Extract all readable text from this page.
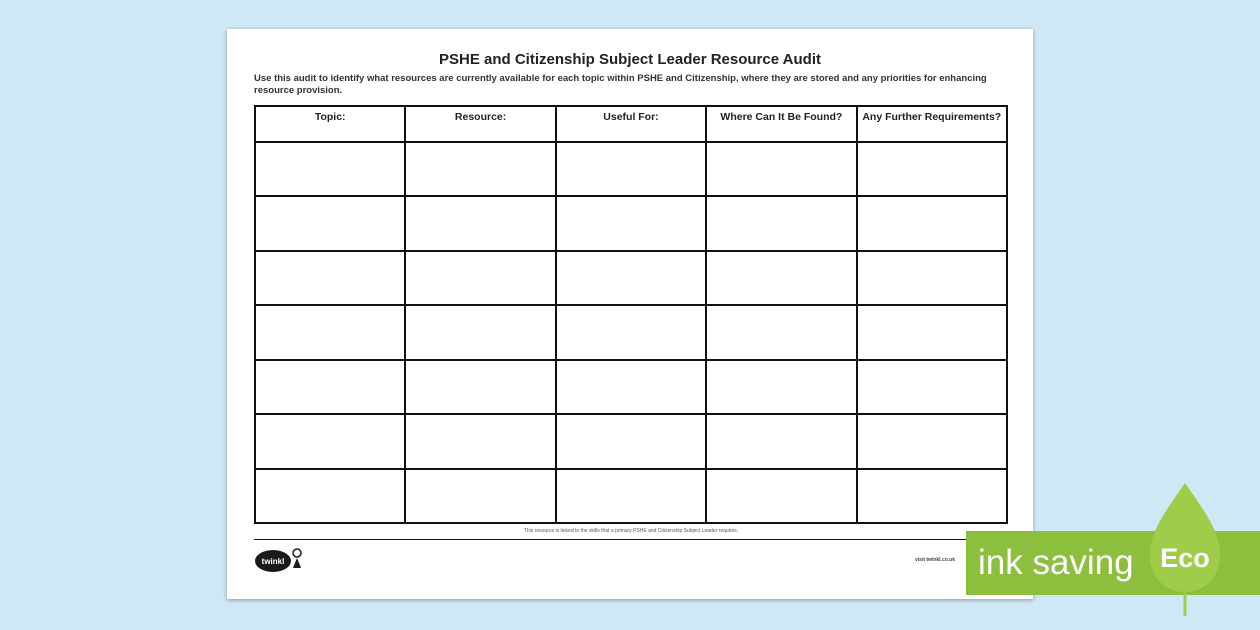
PSHE and Citizenship Subject Leader Resource Audit
Use this audit to identify what resources are currently available for each topic within PSHE and Citizenship, where they are stored and any priorities for enhancing resource provision.
Topic:	Resource:	Useful For:	Where Can It Be Found?	Any Further Requirements?

This resource is linked to the skills that a primary PSHE and Citizenship Subject Leader requires.
twinkl	visit twinkl.co.uk ink saving Eco
